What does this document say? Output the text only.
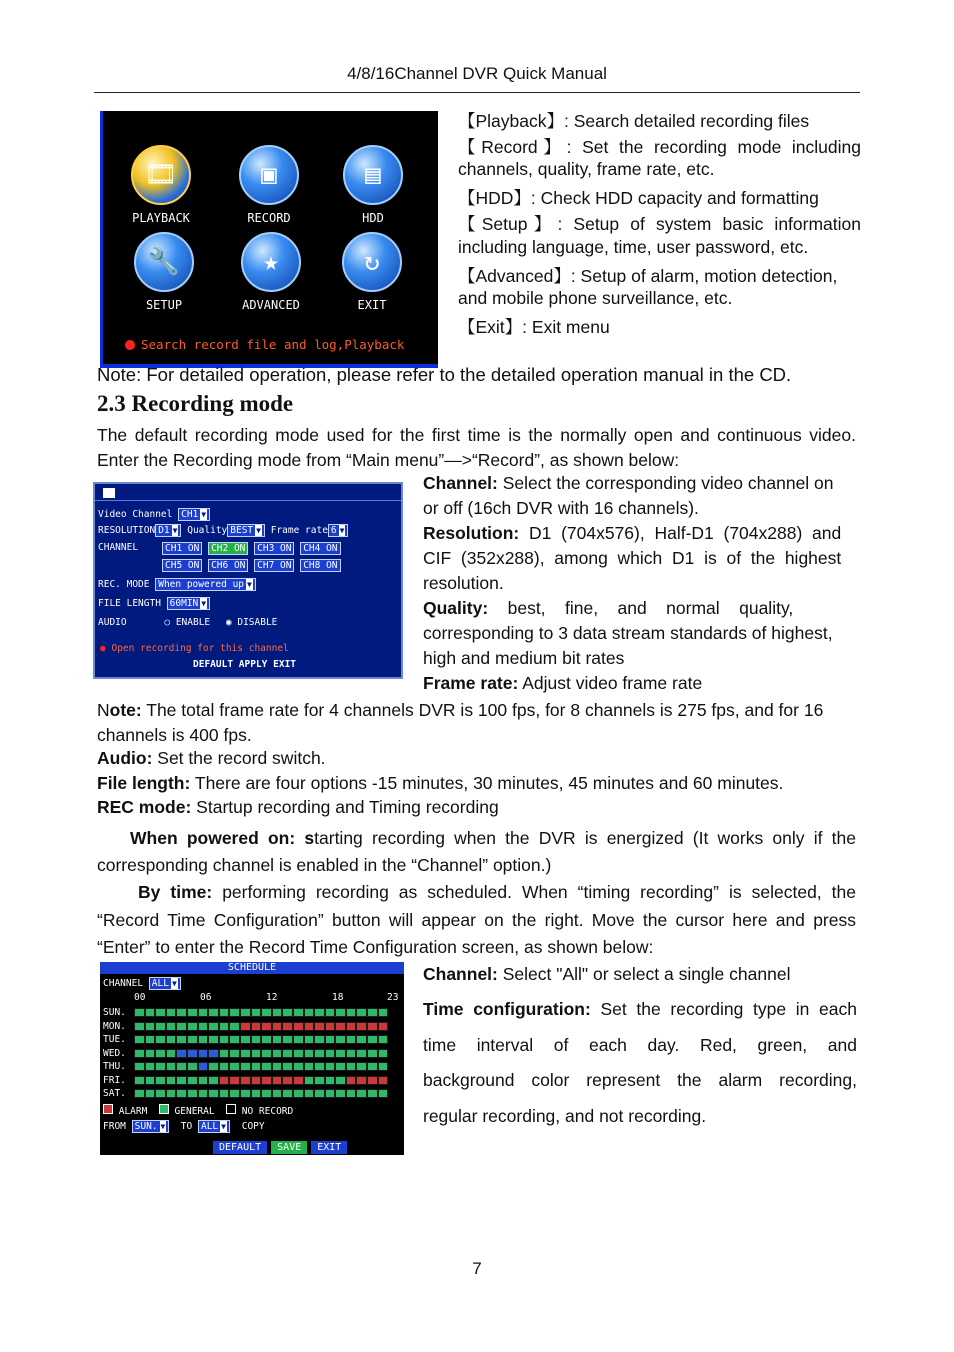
4/8/16Channel DVR Quick Manual
🎞
PLAYBACK
▣
RECORD
▤
HDD
🔧
SETUP
★
ADVANCED
↻
EXIT
Search record file and log,Playback
【Playback】: Search detailed recording files
【Record】: Set the recording mode including
channels, quality, frame rate, etc.
【HDD】: Check HDD capacity and formatting
【Setup】: Setup of system basic information
including language, time, user password, etc.
【Advanced】: Setup of alarm, motion detection,
and mobile phone surveillance, etc.
【Exit】: Exit menu
Note: For detailed operation, please refer to the detailed operation manual in the CD.
2.3 Recording mode
The default recording mode used for the first time is the normally open and continuous video. Enter the Recording mode from “Main menu”—>“Record”, as shown below:
Video Channel CH1 ▼
RESOLUTION D1 ▼ Quality BEST ▼ Frame rate 6 ▼
CHANNEL	CH1 ON CH2 ON CH3 ON CH4 ON
CH5 ON CH6 ON CH7 ON CH8 ON
REC. MODE When powered up ▼
FILE LENGTH 60MIN ▼
AUDIO	○ ENABLE ◉ DISABLE
● Open recording for this channel
DEFAULT APPLY EXIT
Channel: Select the corresponding video channel on
or off (16ch DVR with 16 channels).
Resolution:  D1  (704x576),  Half-D1  (704x288)  and
CIF  (352x288),  among  which  D1  is  of  the  highest
resolution.
Quality:    best,    fine,    and    normal    quality,
corresponding to 3 data stream standards of highest,
high and medium bit rates
Frame rate: Adjust video frame rate
Note: The total frame rate for 4 channels DVR is 100 fps, for 8 channels is 275 fps, and for 16 channels is 400 fps.
Audio: Set the record switch.
File length: There are four options -15 minutes, 30 minutes, 45 minutes and 60 minutes.
REC mode: Startup recording and Timing recording
When powered on: starting recording when the DVR is energized (It works only if the corresponding channel is enabled in the “Channel” option.)
By time: performing recording as scheduled. When “timing recording” is selected, the “Record Time Configuration” button will appear on the right. Move the cursor here and press “Enter” to enter the Record Time Configuration screen, as shown below:
SCHEDULE
CHANNEL ALL ▼
00	06	12	18	23
SUN.
MON.
TUE.
WED.
THU.
FRI.
SAT.
ALARM	GENERAL	NO RECORD
FROM SUN. ▼ TO ALL ▼ COPY
DEFAULT SAVE EXIT
Channel: Select "All" or select a single channel
Time configuration: Set the recording type in each
time interval of each day. Red, green, and
background color represent the alarm recording,
regular recording, and not recording.
7
